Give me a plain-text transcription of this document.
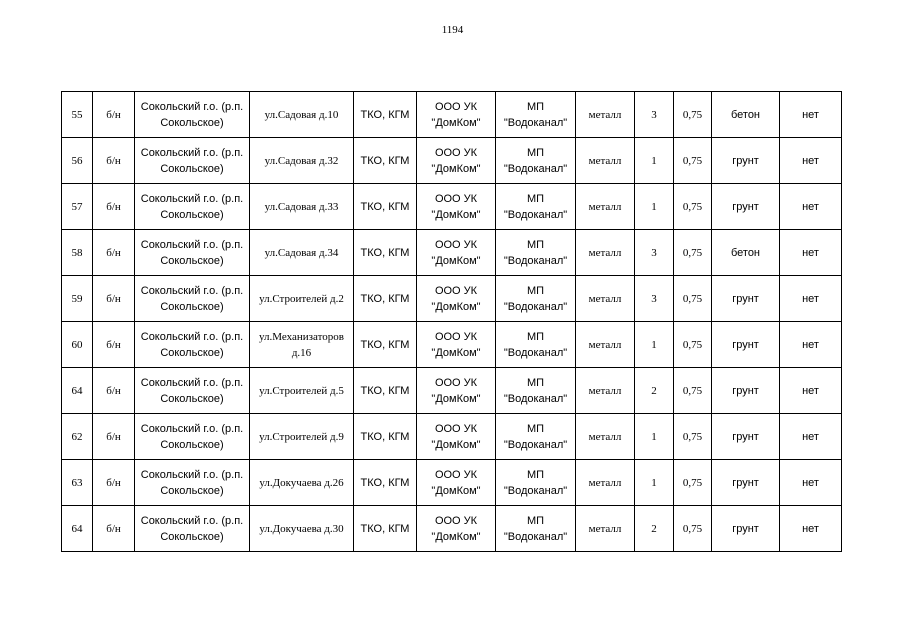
1194
55	б/н	Сокольский г.о. (р.п.
Сокольское)	ул.Садовая д.10	ТКО, КГМ	ООО УК
"ДомКом"	МП
"Водоканал"	металл	3	0,75	бетон	нет
56	б/н	Сокольский г.о. (р.п.
Сокольское)	ул.Садовая д.32	ТКО, КГМ	ООО УК
"ДомКом"	МП
"Водоканал"	металл	1	0,75	грунт	нет
57	б/н	Сокольский г.о. (р.п.
Сокольское)	ул.Садовая д.33	ТКО, КГМ	ООО УК
"ДомКом"	МП
"Водоканал"	металл	1	0,75	грунт	нет
58	б/н	Сокольский г.о. (р.п.
Сокольское)	ул.Садовая д.34	ТКО, КГМ	ООО УК
"ДомКом"	МП
"Водоканал"	металл	3	0,75	бетон	нет
59	б/н	Сокольский г.о. (р.п.
Сокольское)	ул.Строителей д.2	ТКО, КГМ	ООО УК
"ДомКом"	МП
"Водоканал"	металл	3	0,75	грунт	нет
60	б/н	Сокольский г.о. (р.п.
Сокольское)	ул.Механизаторов
д.16	ТКО, КГМ	ООО УК
"ДомКом"	МП
"Водоканал"	металл	1	0,75	грунт	нет
64	б/н	Сокольский г.о. (р.п.
Сокольское)	ул.Строителей д.5	ТКО, КГМ	ООО УК
"ДомКом"	МП
"Водоканал"	металл	2	0,75	грунт	нет
62	б/н	Сокольский г.о. (р.п.
Сокольское)	ул.Строителей д.9	ТКО, КГМ	ООО УК
"ДомКом"	МП
"Водоканал"	металл	1	0,75	грунт	нет
63	б/н	Сокольский г.о. (р.п.
Сокольское)	ул.Докучаева д.26	ТКО, КГМ	ООО УК
"ДомКом"	МП
"Водоканал"	металл	1	0,75	грунт	нет
64	б/н	Сокольский г.о. (р.п.
Сокольское)	ул.Докучаева д.30	ТКО, КГМ	ООО УК
"ДомКом"	МП
"Водоканал"	металл	2	0,75	грунт	нет
